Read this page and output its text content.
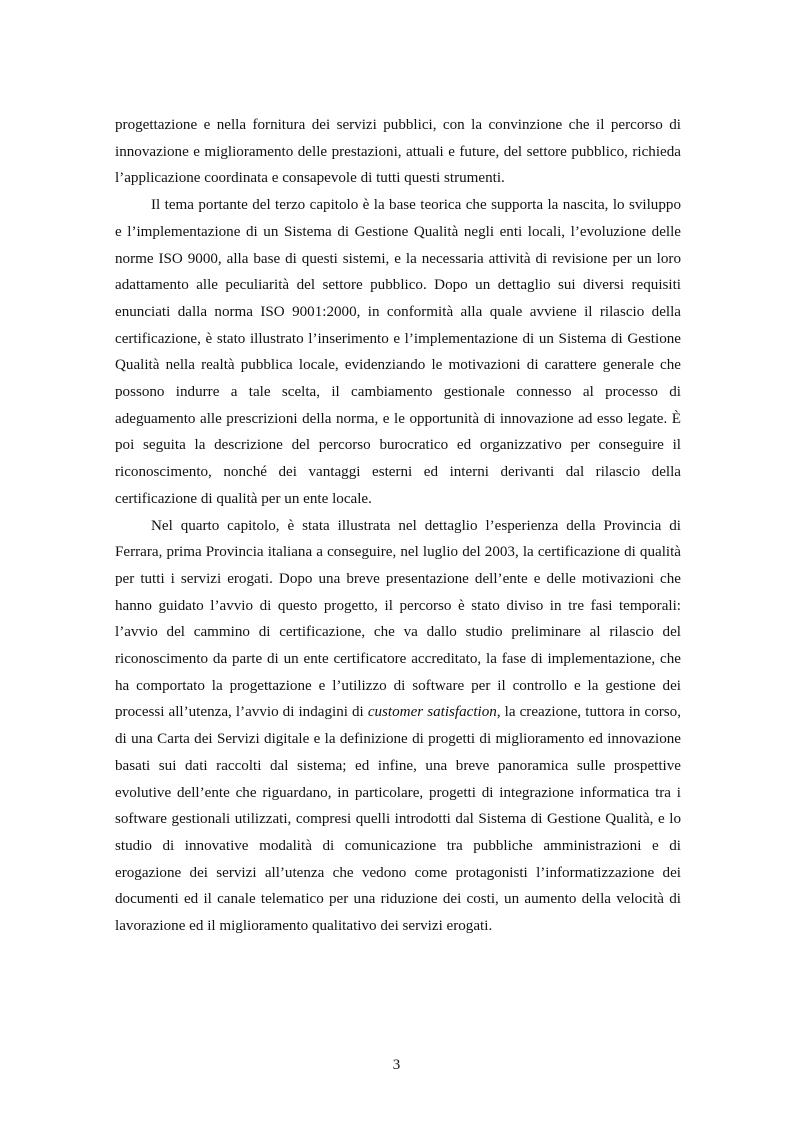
progettazione e nella fornitura dei servizi pubblici, con la convinzione che il percorso di innovazione e miglioramento delle prestazioni, attuali e future, del settore pubblico, richieda l’applicazione coordinata e consapevole di tutti questi strumenti.

Il tema portante del terzo capitolo è la base teorica che supporta la nascita, lo sviluppo e l’implementazione di un Sistema di Gestione Qualità negli enti locali, l’evoluzione delle norme ISO 9000, alla base di questi sistemi, e la necessaria attività di revisione per un loro adattamento alle peculiarità del settore pubblico. Dopo un dettaglio sui diversi requisiti enunciati dalla norma ISO 9001:2000, in conformità alla quale avviene il rilascio della certificazione, è stato illustrato l’inserimento e l’implementazione di un Sistema di Gestione Qualità nella realtà pubblica locale, evidenziando le motivazioni di carattere generale che possono indurre a tale scelta, il cambiamento gestionale connesso al processo di adeguamento alle prescrizioni della norma, e le opportunità di innovazione ad esso legate. È poi seguita la descrizione del percorso burocratico ed organizzativo per conseguire il riconoscimento, nonché dei vantaggi esterni ed interni derivanti dal rilascio della certificazione di qualità per un ente locale.

Nel quarto capitolo, è stata illustrata nel dettaglio l’esperienza della Provincia di Ferrara, prima Provincia italiana a conseguire, nel luglio del 2003, la certificazione di qualità per tutti i servizi erogati. Dopo una breve presentazione dell’ente e delle motivazioni che hanno guidato l’avvio di questo progetto, il percorso è stato diviso in tre fasi temporali: l’avvio del cammino di certificazione, che va dallo studio preliminare al rilascio del riconoscimento da parte di un ente certificatore accreditato, la fase di implementazione, che ha comportato la progettazione e l’utilizzo di software per il controllo e la gestione dei processi all’utenza, l’avvio di indagini di customer satisfaction, la creazione, tuttora in corso, di una Carta dei Servizi digitale e la definizione di progetti di miglioramento ed innovazione basati sui dati raccolti dal sistema; ed infine, una breve panoramica sulle prospettive evolutive dell’ente che riguardano, in particolare, progetti di integrazione informatica tra i software gestionali utilizzati, compresi quelli introdotti dal Sistema di Gestione Qualità, e lo studio di innovative modalità di comunicazione tra pubbliche amministrazioni e di erogazione dei servizi all’utenza che vedono come protagonisti l’informatizzazione dei documenti ed il canale telematico per una riduzione dei costi, un aumento della velocità di lavorazione ed il miglioramento qualitativo dei servizi erogati.

3
